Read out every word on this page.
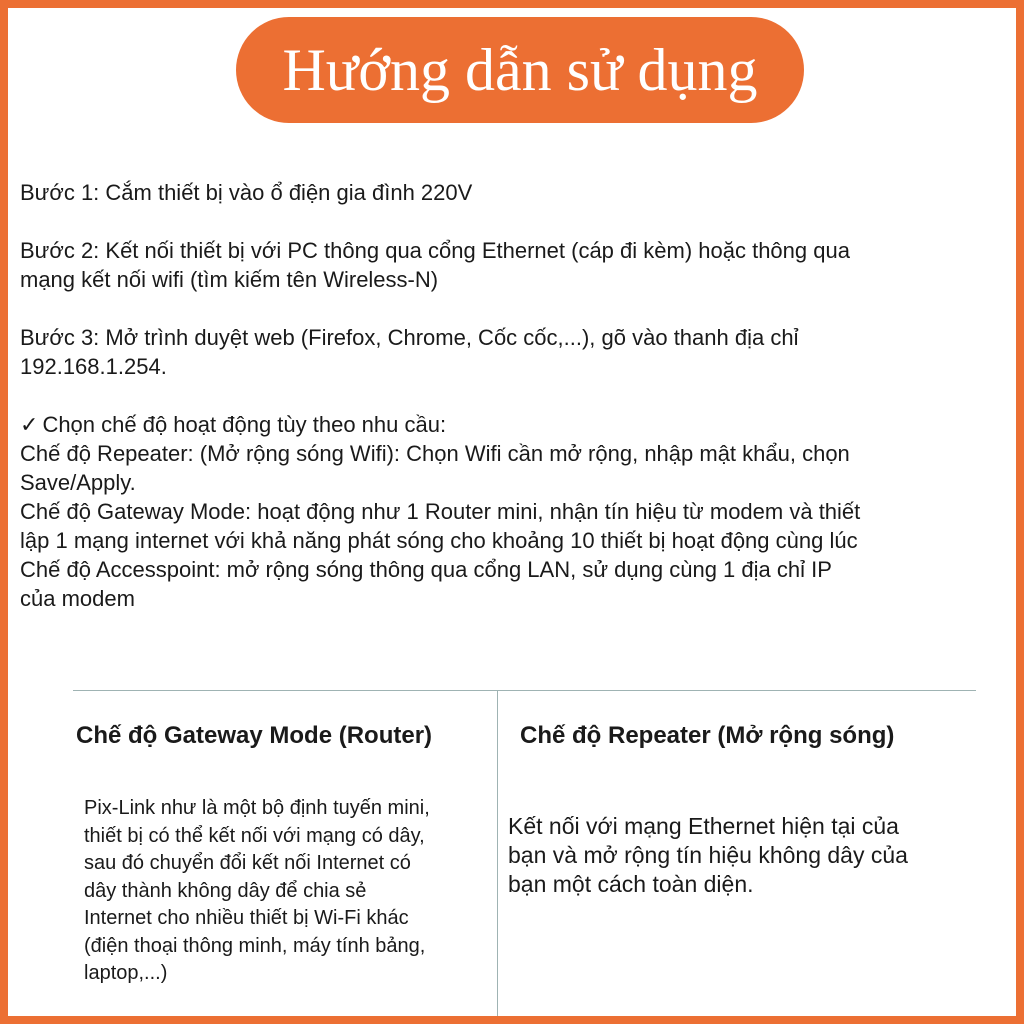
Hướng dẫn sử dụng

Bước 1: Cắm thiết bị vào ổ điện gia đình 220V

Bước 2: Kết nối thiết bị với PC thông qua cổng Ethernet (cáp đi kèm) hoặc thông qua

mạng kết nối wifi (tìm kiếm tên Wireless-N)

Bước 3: Mở trình duyệt web (Firefox, Chrome, Cốc cốc,...), gõ vào thanh địa chỉ

192.168.1.254.

✓ Chọn chế độ hoạt động tùy theo nhu cầu:

Chế độ Repeater: (Mở rộng sóng Wifi): Chọn Wifi cần mở rộng, nhập mật khẩu, chọn

Save/Apply.

Chế độ Gateway Mode: hoạt động như 1 Router mini, nhận tín hiệu từ modem và thiết

lập 1 mạng internet với khả năng phát sóng cho khoảng 10 thiết bị hoạt động cùng lúc

Chế độ Accesspoint: mở rộng sóng thông qua cổng LAN, sử dụng cùng 1 địa chỉ IP

của modem

Chế độ Gateway Mode (Router)	Chế độ Repeater (Mở rộng sóng)
Pix-Link như là một bộ định tuyến mini,
thiết bị có thể kết nối với mạng có dây,
sau đó chuyển đổi kết nối Internet có
dây thành không dây để chia sẻ
Internet cho nhiều thiết bị Wi-Fi khác
(điện thoại thông minh, máy tính bảng,
laptop,...)
Kết nối với mạng Ethernet hiện tại của
bạn và mở rộng tín hiệu không dây của
bạn một cách toàn diện.
